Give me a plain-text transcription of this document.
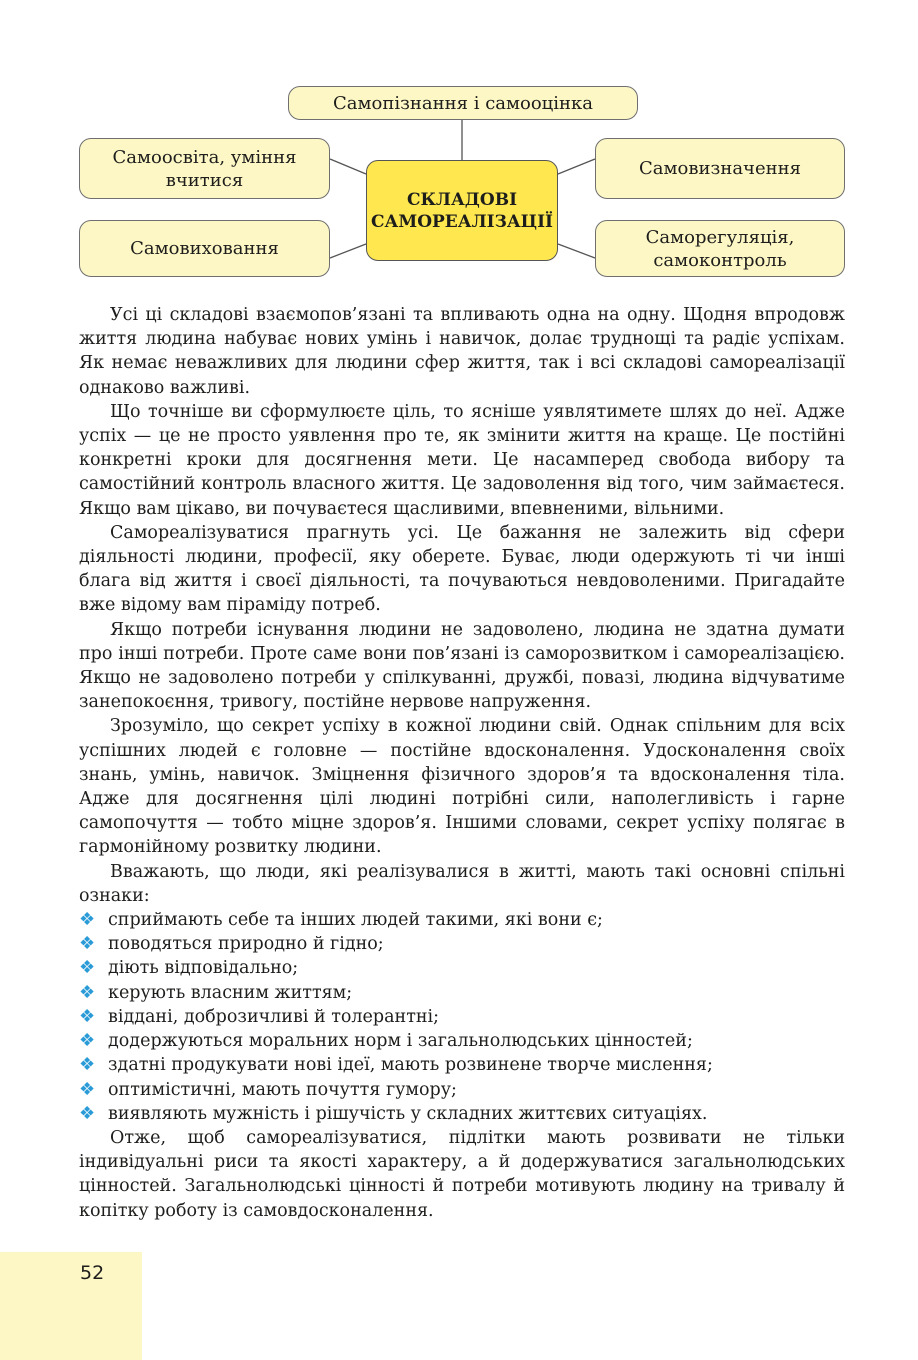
Самопізнання і самооцінка
Самоосвіта, уміння
вчитися
Самовиховання
Самовизначення
Саморегуляція,
самоконтроль
СКЛАДОВІ
САМОРЕАЛІЗАЦІЇ

Усі ці складові взаємопов’язані та впливають одна на одну. Щодня впродовж життя людина набуває нових умінь і навичок, долає труднощі та радіє успіхам. Як немає неважливих для людини сфер життя, так і всі складові самореалізації однаково важливі.

Що точніше ви сформулюєте ціль, то ясніше уявлятимете шлях до неї. Адже успіх — це не просто уявлення про те, як змінити життя на краще. Це постійні конкретні кроки для досягнення мети. Це насамперед свобода вибору та самостійний контроль власного життя. Це задоволення від того, чим займаєтеся. Якщо вам цікаво, ви почуваєтеся щасливими, впевненими, вільними.

Самореалізуватися прагнуть усі. Це бажання не залежить від сфери діяльності людини, професії, яку оберете. Буває, люди одержують ті чи інші блага від життя і своєї діяльності, та почуваються невдоволеними. Пригадайте вже відому вам піраміду потреб.

Якщо потреби існування людини не задоволено, людина не здатна думати про інші потреби. Проте саме вони пов’язані із саморозвитком і самореалізацією. Якщо не задоволено потреби у спілкуванні, дружбі, повазі, людина відчуватиме занепокоєння, тривогу, постійне нервове напруження.

Зрозуміло, що секрет успіху в кожної людини свій. Однак спільним для всіх успішних людей є головне — постійне вдосконалення. Удосконалення своїх знань, умінь, навичок. Зміцнення фізичного здоров’я та вдосконалення тіла. Адже для досягнення цілі людині потрібні сили, наполегливість і гарне самопочуття — тобто міцне здоров’я. Іншими словами, секрет успіху полягає в гармонійному розвитку людини.

Вважають, що люди, які реалізувалися в житті, мають такі основні спільні ознаки:

❖ сприймають себе та інших людей такими, які вони є;
❖ поводяться природно й гідно;
❖ діють відповідально;
❖ керують власним життям;
❖ віддані, доброзичливі й толерантні;
❖ додержуються моральних норм і загальнолюдських цінностей;
❖ здатні продукувати нові ідеї, мають розвинене творче мислення;
❖ оптимістичні, мають почуття гумору;
❖ виявляють мужність і рішучість у складних життєвих ситуаціях.

Отже, щоб самореалізуватися, підлітки мають розвивати не тільки індивідуальні риси та якості характеру, а й додержуватися загальнолюдських цінностей. Загальнолюдські цінності й потреби мотивують людину на тривалу й копітку роботу із самовдосконалення.

52
